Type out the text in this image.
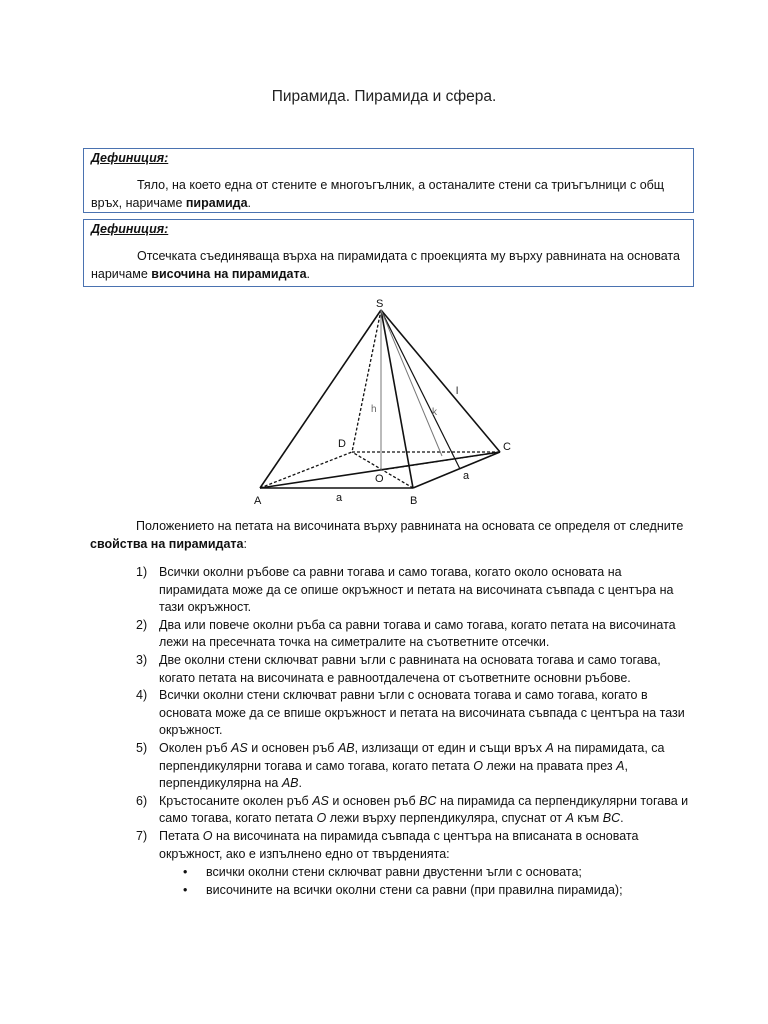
Пирамида. Пирамида и сфера.
Дефиниция:
Тяло, на което една от стените е многоъгълник, а останалите стени са триъгълници с общ връх, наричаме пирамида.
Дефиниция:
Отсечката съединяваща върха на пирамидата с проекцията му върху равнината на основата наричаме височина на пирамидата.
S
A	B
C
D
O
h	k
l
a
a
Положението на петата на височината върху равнината на основата се определя от следните свойства на пирамидата:
1) Всички околни ръбове са равни тогава и само тогава, когато около основата на пирамидата може да се опише окръжност и петата на височината съвпада с центъра на тази окръжност.
2) Два или повече околни ръба са равни тогава и само тогава, когато петата на височината лежи на пресечната точка на симетралите на съответните отсечки.
3) Две околни стени сключват равни ъгли с равнината на основата тогава и само тогава, когато петата на височината е равноотдалечена от съответните основни ръбове.
4) Всички околни стени сключват равни ъгли с основата тогава и само тогава, когато в основата може да се впише окръжност и петата на височината съвпада с центъра на тази окръжност.
5) Околен ръб AS и основен ръб AB, излизащи от един и същи връх A на пирамидата, са перпендикулярни тогава и само тогава, когато петата O лежи на правата през A, перпендикулярна на AB.
6) Кръстосаните околен ръб AS и основен ръб BC на пирамида са перпендикулярни тогава и само тогава, когато петата O лежи върху перпендикуляра, спуснат от A към BC.
7) Петата O на височината на пирамида съвпада с центъра на вписаната в основата окръжност, ако е изпълнено едно от твърденията:
• всички околни стени сключват равни двустенни ъгли с основата;
• височините на всички околни стени са равни (при правилна пирамида);
